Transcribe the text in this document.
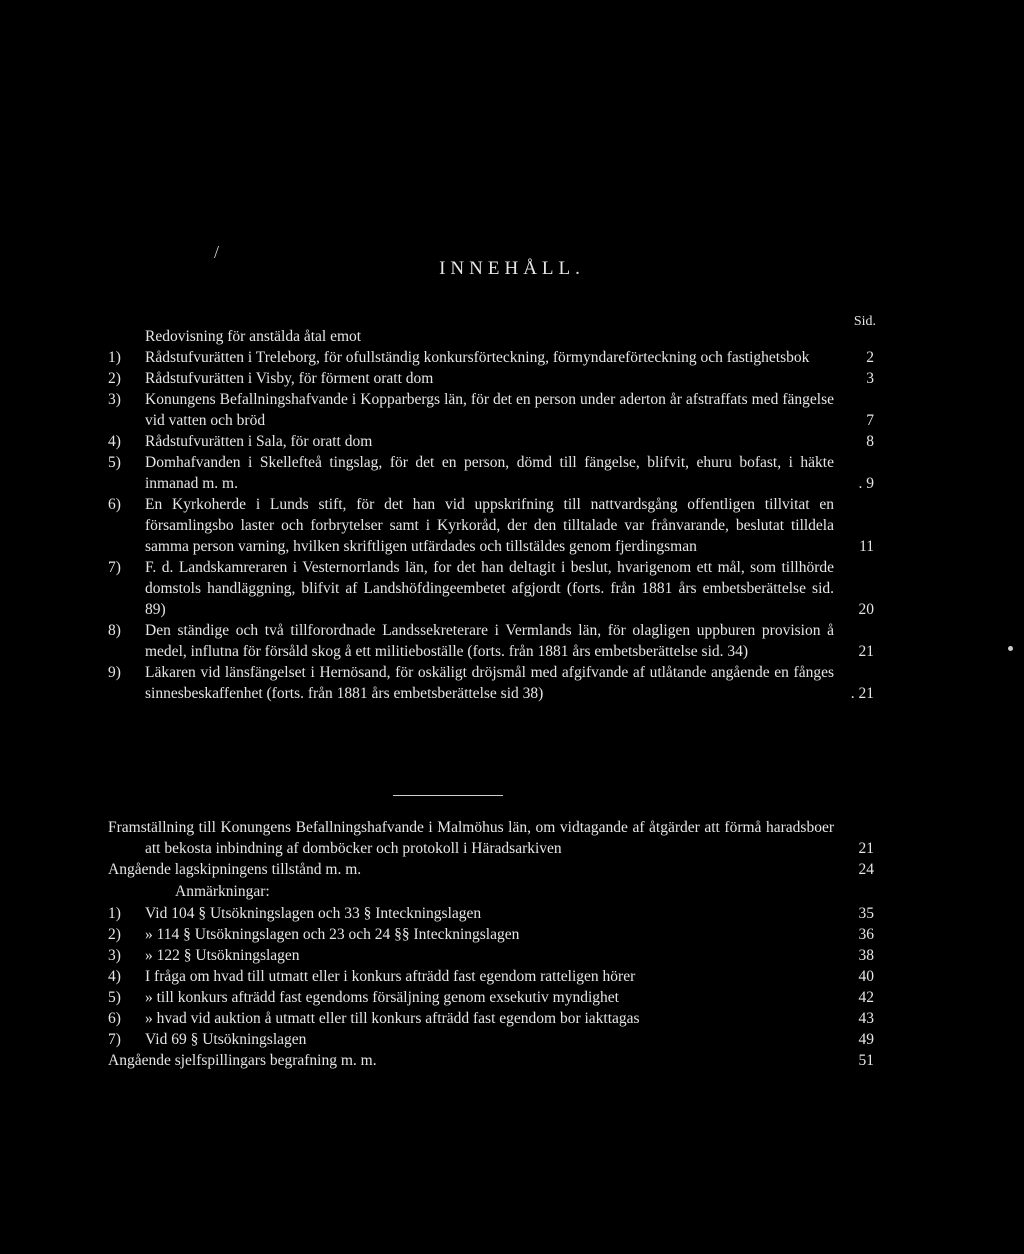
/
INNEHÅLL.
Sid.
Redovisning för anstälda åtal emot
1) Rådstufvurätten i Treleborg, för ofullständig konkursförteckning, förmyndareförteckning och fastighetsbok	2
2) Rådstufvurätten i Visby, för förment oratt dom	3
3) Konungens Befallningshafvande i Kopparbergs län, för det en person under aderton år afstraffats med fängelse vid vatten och bröd	7
4) Rådstufvurätten i Sala, för oratt dom	8
5) Domhafvanden i Skellefteå tingslag, för det en person, dömd till fängelse, blifvit, ehuru bofast, i häkte inmanad m. m.	. 9
6) En Kyrkoherde i Lunds stift, för det han vid uppskrifning till nattvardsgång offentligen tillvitat en församlingsbo laster och forbrytelser samt i Kyrkoråd, der den tilltalade var frånvarande, beslutat tilldela samma person varning, hvilken skriftligen utfärdades och tillstäldes genom fjerdingsman	11
7) F. d. Landskamreraren i Vesternorrlands län, for det han deltagit i beslut, hvarigenom ett mål, som tillhörde domstols handläggning, blifvit af Landshöfdingeembetet afgjordt (forts. från 1881 års embetsberättelse sid. 89)	20
8) Den ständige och två tillforordnade Landssekreterare i Vermlands län, för olagligen uppburen provision å medel, influtna för försåld skog å ett militieboställe (forts. från 1881 års embetsberättelse sid. 34)	21
9) Läkaren vid länsfängelset i Hernösand, för oskäligt dröjsmål med afgifvande af utlåtande angående en fånges sinnesbeskaffenhet (forts. från 1881 års embetsberättelse sid 38)	. 21
Framställning till Konungens Befallningshafvande i Malmöhus län, om vidtagande af åtgärder att förmå haradsboer att bekosta inbindning af domböcker och protokoll i Häradsarkiven	21
Angående lagskipningens tillstånd m. m.	24
Anmärkningar:
1) Vid 104 § Utsökningslagen och 33 § Inteckningslagen	35
2) » 114 § Utsökningslagen och 23 och 24 §§ Inteckningslagen	36
3) » 122 § Utsökningslagen	38
4) I fråga om hvad till utmatt eller i konkurs afträdd fast egendom ratteligen hörer	40
5) » till konkurs afträdd fast egendoms försäljning genom exsekutiv myndighet	42
6) » hvad vid auktion å utmatt eller till konkurs afträdd fast egendom bor iakttagas	43
7) Vid 69 § Utsökningslagen	49
Angående sjelfspillingars begrafning m. m.	51
